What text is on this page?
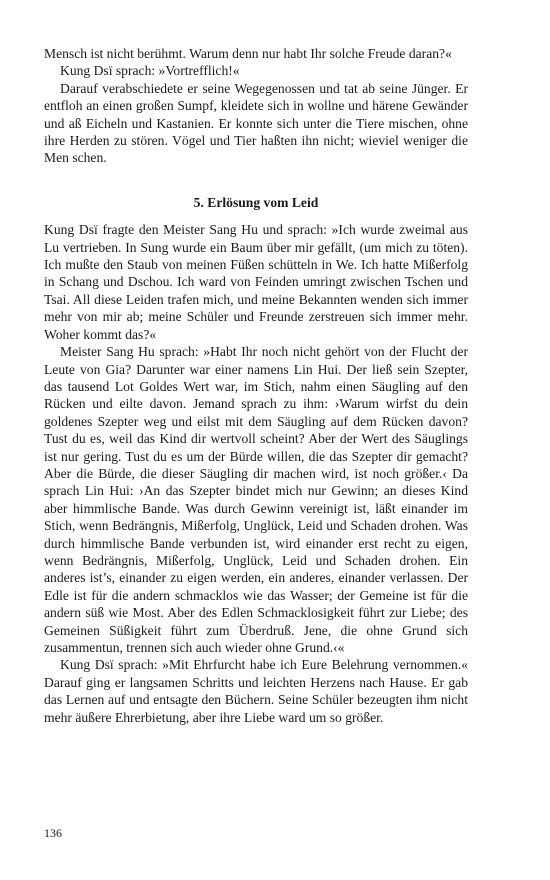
Mensch ist nicht berühmt. Warum denn nur habt Ihr solche Freude daran?«

Kung Dsï sprach: »Vortrefflich!«

Darauf verabschiedete er seine Wegegenossen und tat ab seine Jünger. Er entfloh an einen großen Sumpf, kleidete sich in wollne und härene Gewänder und aß Eicheln und Kastanien. Er konnte sich unter die Tiere mischen, ohne ihre Herden zu stören. Vögel und Tier haßten ihn nicht; wieviel weniger die Men schen.

5. Erlösung vom Leid

Kung Dsï fragte den Meister Sang Hu und sprach: »Ich wurde zweimal aus Lu vertrieben. In Sung wurde ein Baum über mir gefällt, (um mich zu töten). Ich mußte den Staub von meinen Füßen schütteln in We. Ich hatte Mißerfolg in Schang und Dschou. Ich ward von Feinden umringt zwischen Tschen und Tsai. All diese Leiden trafen mich, und meine Bekannten wenden sich immer mehr von mir ab; meine Schüler und Freunde zerstreuen sich immer mehr. Woher kommt das?«

Meister Sang Hu sprach: »Habt Ihr noch nicht gehört von der Flucht der Leute von Gia? Darunter war einer namens Lin Hui. Der ließ sein Szepter, das tausend Lot Goldes Wert war, im Stich, nahm einen Säugling auf den Rücken und eilte davon. Jemand sprach zu ihm: ›Warum wirfst du dein goldenes Szepter weg und eilst mit dem Säugling auf dem Rücken davon? Tust du es, weil das Kind dir wertvoll scheint? Aber der Wert des Säuglings ist nur gering. Tust du es um der Bürde willen, die das Szepter dir gemacht? Aber die Bürde, die dieser Säugling dir machen wird, ist noch größer.‹ Da sprach Lin Hui: ›An das Szepter bindet mich nur Gewinn; an dieses Kind aber himmlische Bande. Was durch Gewinn vereinigt ist, läßt einander im Stich, wenn Bedrängnis, Mißerfolg, Unglück, Leid und Schaden drohen. Was durch himmlische Bande verbunden ist, wird einander erst recht zu eigen, wenn Bedrängnis, Mißerfolg, Unglück, Leid und Schaden drohen. Ein anderes ist’s, einander zu eigen werden, ein anderes, einander verlassen. Der Edle ist für die andern schmacklos wie das Wasser; der Gemeine ist für die andern süß wie Most. Aber des Edlen Schmacklosigkeit führt zur Liebe; des Gemeinen Süßigkeit führt zum Überdruß. Jene, die ohne Grund sich zusammentun, trennen sich auch wieder ohne Grund.‹«

Kung Dsï sprach: »Mit Ehrfurcht habe ich Eure Belehrung vernommen.« Darauf ging er langsamen Schritts und leichten Herzens nach Hause. Er gab das Lernen auf und entsagte den Büchern. Seine Schüler bezeugten ihm nicht mehr äußere Ehrerbietung, aber ihre Liebe ward um so größer.

136
